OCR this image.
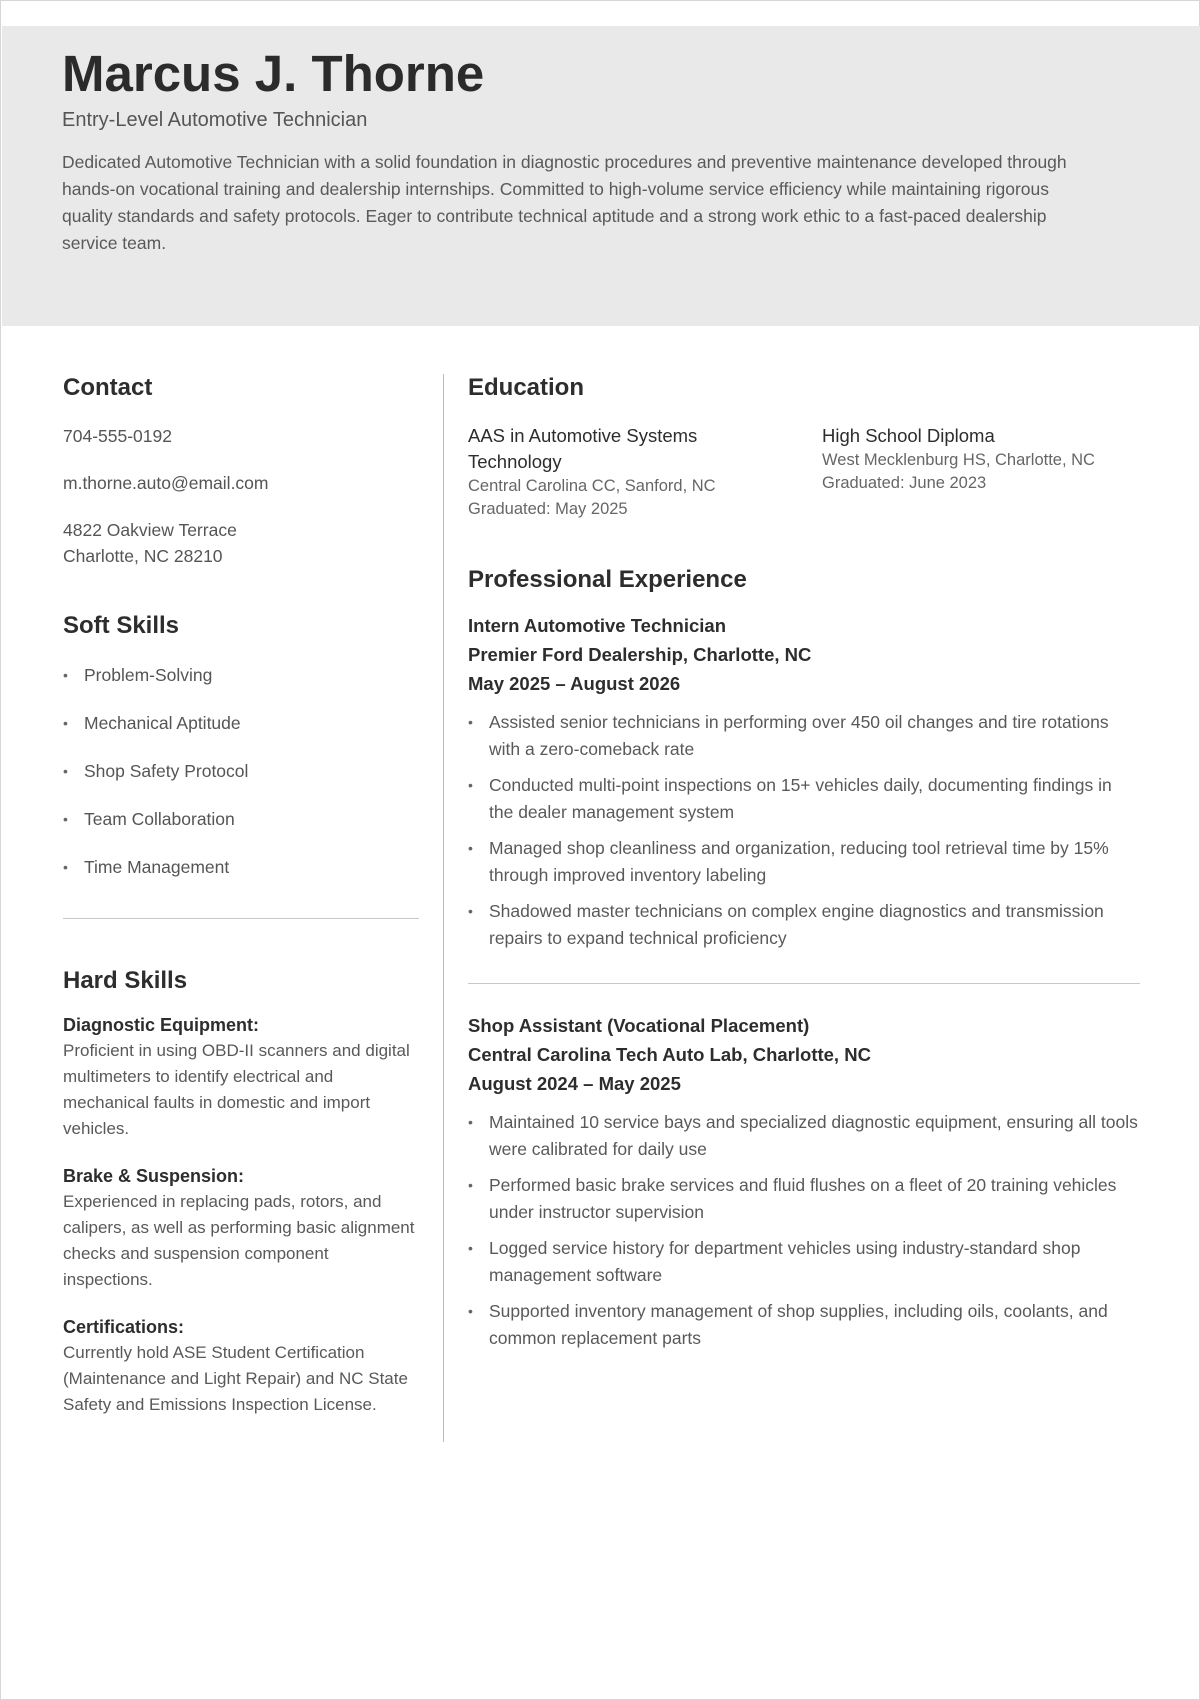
Marcus J. Thorne
Entry-Level Automotive Technician
Dedicated Automotive Technician with a solid foundation in diagnostic procedures and preventive maintenance developed through hands-on vocational training and dealership internships. Committed to high-volume service efficiency while maintaining rigorous quality standards and safety protocols. Eager to contribute technical aptitude and a strong work ethic to a fast-paced dealership service team.
Contact
704-555-0192
m.thorne.auto@email.com
4822 Oakview Terrace
Charlotte, NC 28210
Soft Skills
• Problem-Solving
• Mechanical Aptitude
• Shop Safety Protocol
• Team Collaboration
• Time Management
Hard Skills
Diagnostic Equipment:
Proficient in using OBD-II scanners and digital multimeters to identify electrical and mechanical faults in domestic and import vehicles.
Brake & Suspension:
Experienced in replacing pads, rotors, and calipers, as well as performing basic alignment checks and suspension component inspections.
Certifications:
Currently hold ASE Student Certification (Maintenance and Light Repair) and NC State Safety and Emissions Inspection License.
Education
AAS in Automotive Systems Technology
Central Carolina CC, Sanford, NC
Graduated: May 2025
High School Diploma
West Mecklenburg HS, Charlotte, NC
Graduated: June 2023
Professional Experience
Intern Automotive Technician
Premier Ford Dealership, Charlotte, NC
May 2025 – August 2026
• Assisted senior technicians in performing over 450 oil changes and tire rotations with a zero-comeback rate
• Conducted multi-point inspections on 15+ vehicles daily, documenting findings in the dealer management system
• Managed shop cleanliness and organization, reducing tool retrieval time by 15% through improved inventory labeling
• Shadowed master technicians on complex engine diagnostics and transmission repairs to expand technical proficiency
Shop Assistant (Vocational Placement)
Central Carolina Tech Auto Lab, Charlotte, NC
August 2024 – May 2025
• Maintained 10 service bays and specialized diagnostic equipment, ensuring all tools were calibrated for daily use
• Performed basic brake services and fluid flushes on a fleet of 20 training vehicles under instructor supervision
• Logged service history for department vehicles using industry-standard shop management software
• Supported inventory management of shop supplies, including oils, coolants, and common replacement parts
